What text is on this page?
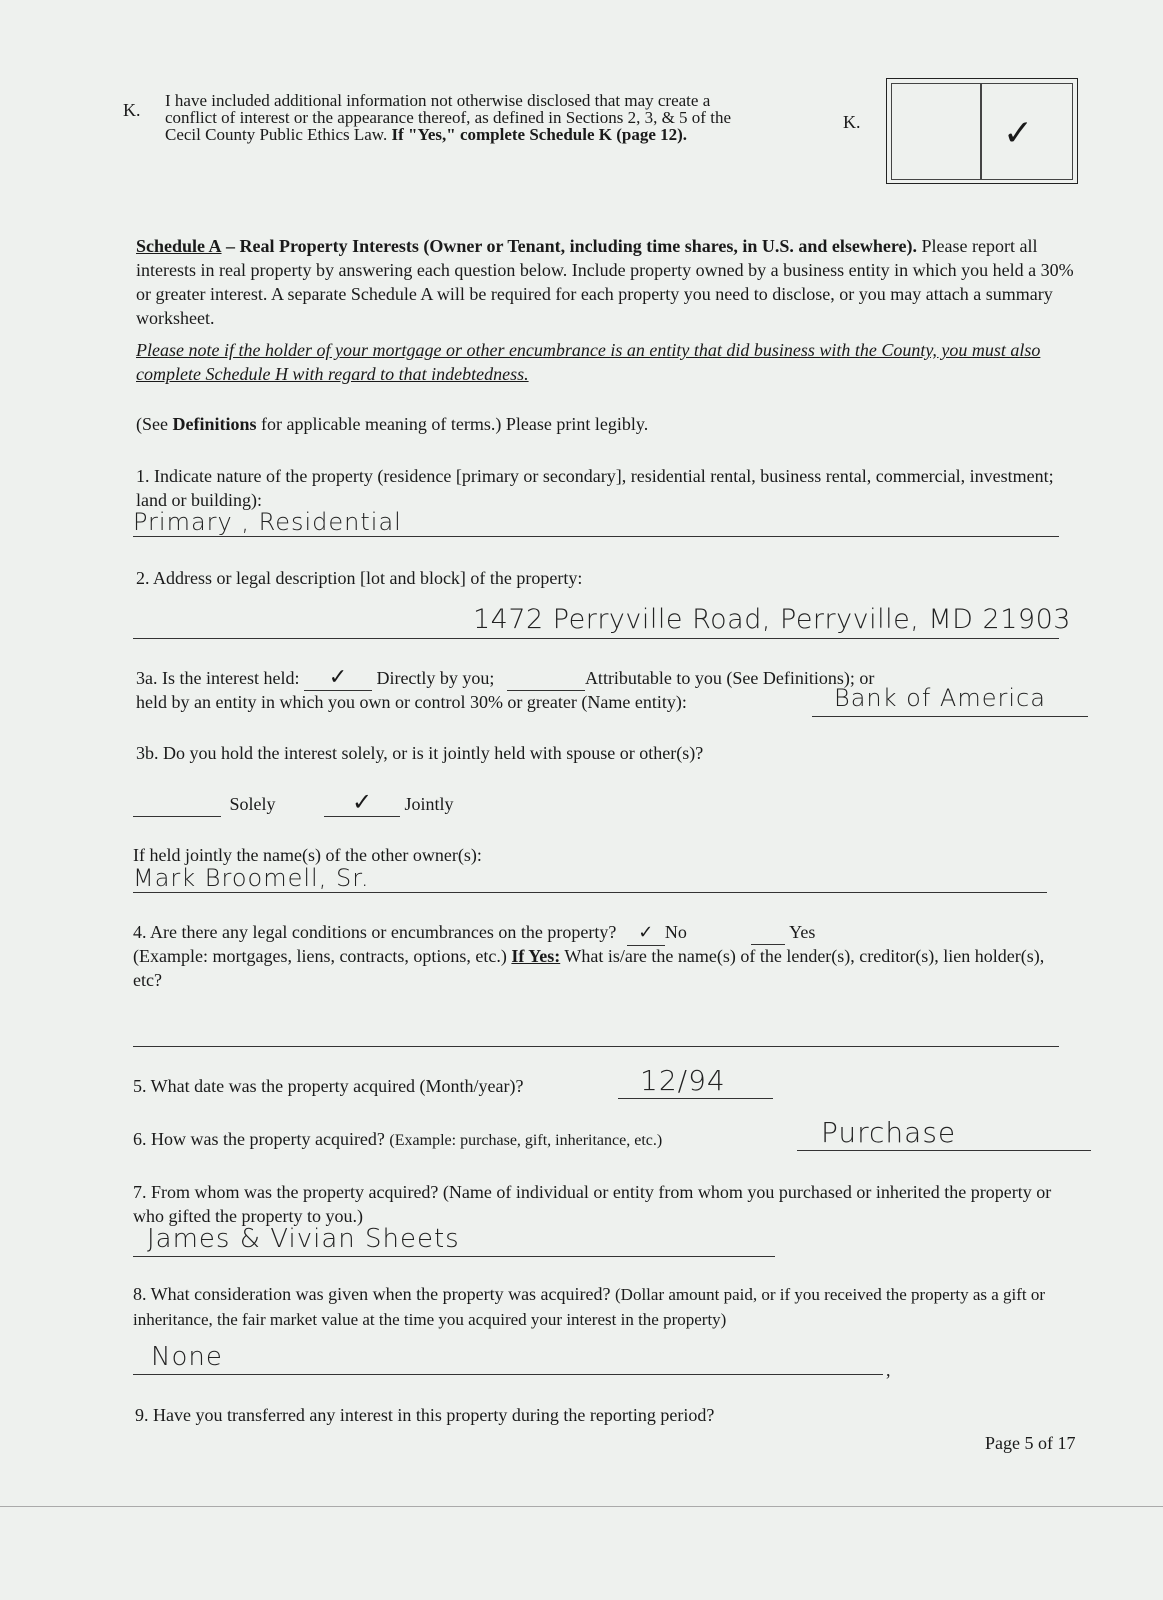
K. I have included additional information not otherwise disclosed that may create a conflict of interest or the appearance thereof, as defined in Sections 2, 3, & 5 of the Cecil County Public Ethics Law. If "Yes," complete Schedule K (page 12).
K.	✓
Schedule A – Real Property Interests (Owner or Tenant, including time shares, in U.S. and elsewhere). Please report all interests in real property by answering each question below. Include property owned by a business entity in which you held a 30% or greater interest. A separate Schedule A will be required for each property you need to disclose, or you may attach a summary worksheet.
Please note if the holder of your mortgage or other encumbrance is an entity that did business with the County, you must also complete Schedule H with regard to that indebtedness.
(See Definitions for applicable meaning of terms.) Please print legibly.
1. Indicate nature of the property (residence [primary or secondary], residential rental, business rental, commercial, investment; land or building):
Primary , Residential
2. Address or legal description [lot and block] of the property:
1472 Perryville Road, Perryville, MD 21903
3a. Is the interest held: ✓ Directly by you;	Attributable to you (See Definitions); or
held by an entity in which you own or control 30% or greater (Name entity):	Bank of America
3b. Do you hold the interest solely, or is it jointly held with spouse or other(s)?
Solely	✓ Jointly
If held jointly the name(s) of the other owner(s):
Mark Broomell, Sr.
4. Are there any legal conditions or encumbrances on the property? ✓ No	Yes
(Example: mortgages, liens, contracts, options, etc.) If Yes: What is/are the name(s) of the lender(s), creditor(s), lien holder(s), etc?
5. What date was the property acquired (Month/year)?	12/94
6. How was the property acquired? (Example: purchase, gift, inheritance, etc.)	Purchase
7. From whom was the property acquired? (Name of individual or entity from whom you purchased or inherited the property or who gifted the property to you.)
James & Vivian Sheets
8. What consideration was given when the property was acquired? (Dollar amount paid, or if you received the property as a gift or inheritance, the fair market value at the time you acquired your interest in the property)
None	,
9. Have you transferred any interest in this property during the reporting period?
Page 5 of 17
